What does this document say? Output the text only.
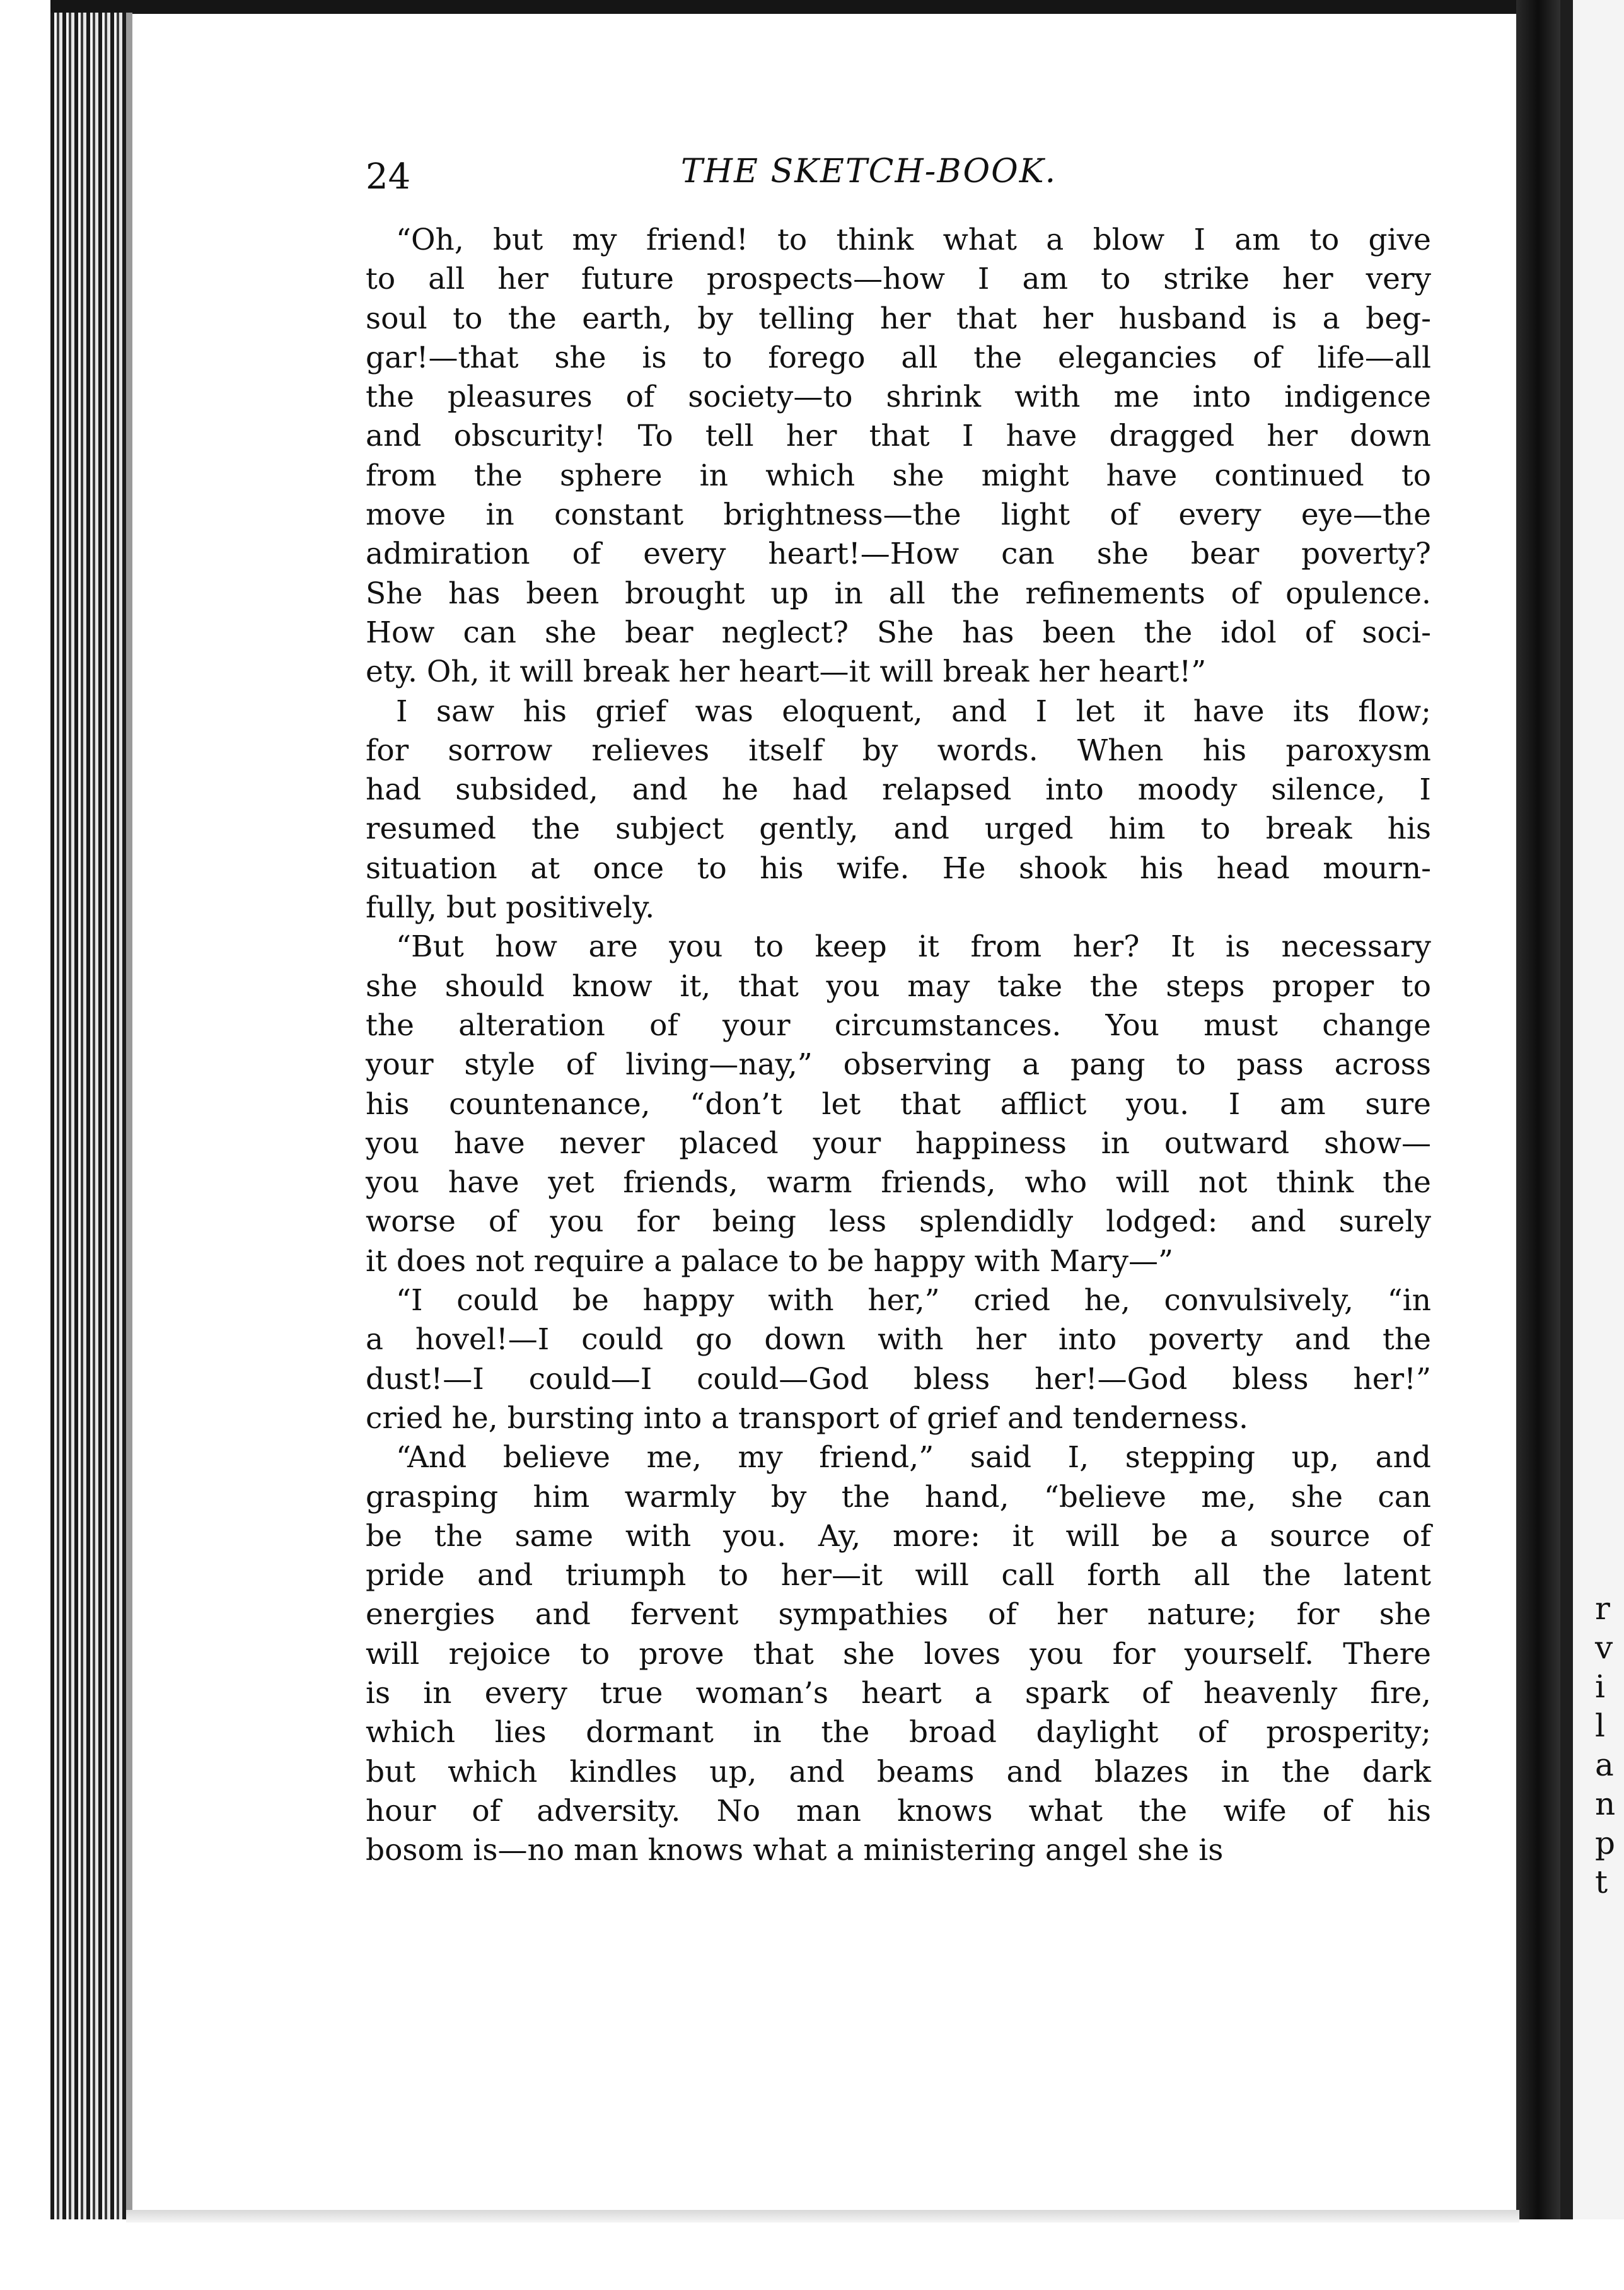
r
v
i
l
a
n
p
t
24	THE SKETCH-BOOK.
“Oh, but my friend! to think what a blow I am to give
to all her future prospects—how I am to strike her very
soul to the earth, by telling her that her husband is a beg-
gar!—that she is to forego all the elegancies of life—all
the pleasures of society—to shrink with me into indigence
and obscurity! To tell her that I have dragged her down
from the sphere in which she might have continued to
move in constant brightness—the light of every eye—the
admiration of every heart!—How can she bear poverty?
She has been brought up in all the refinements of opulence.
How can she bear neglect? She has been the idol of soci-
ety. Oh, it will break her heart—it will break her heart!”
I saw his grief was eloquent, and I let it have its flow;
for sorrow relieves itself by words. When his paroxysm
had subsided, and he had relapsed into moody silence, I
resumed the subject gently, and urged him to break his
situation at once to his wife. He shook his head mourn-
fully, but positively.
“But how are you to keep it from her? It is necessary
she should know it, that you may take the steps proper to
the alteration of your circumstances. You must change
your style of living—nay,” observing a pang to pass across
his countenance, “don’t let that afflict you. I am sure
you have never placed your happiness in outward show—
you have yet friends, warm friends, who will not think the
worse of you for being less splendidly lodged: and surely
it does not require a palace to be happy with Mary—”
“I could be happy with her,” cried he, convulsively, “in
a hovel!—I could go down with her into poverty and the
dust!—I could—I could—God bless her!—God bless her!”
cried he, bursting into a transport of grief and tenderness.
“And believe me, my friend,” said I, stepping up, and
grasping him warmly by the hand, “believe me, she can
be the same with you. Ay, more: it will be a source of
pride and triumph to her—it will call forth all the latent
energies and fervent sympathies of her nature; for she
will rejoice to prove that she loves you for yourself. There
is in every true woman’s heart a spark of heavenly fire,
which lies dormant in the broad daylight of prosperity;
but which kindles up, and beams and blazes in the dark
hour of adversity. No man knows what the wife of his
bosom is—no man knows what a ministering angel she is
